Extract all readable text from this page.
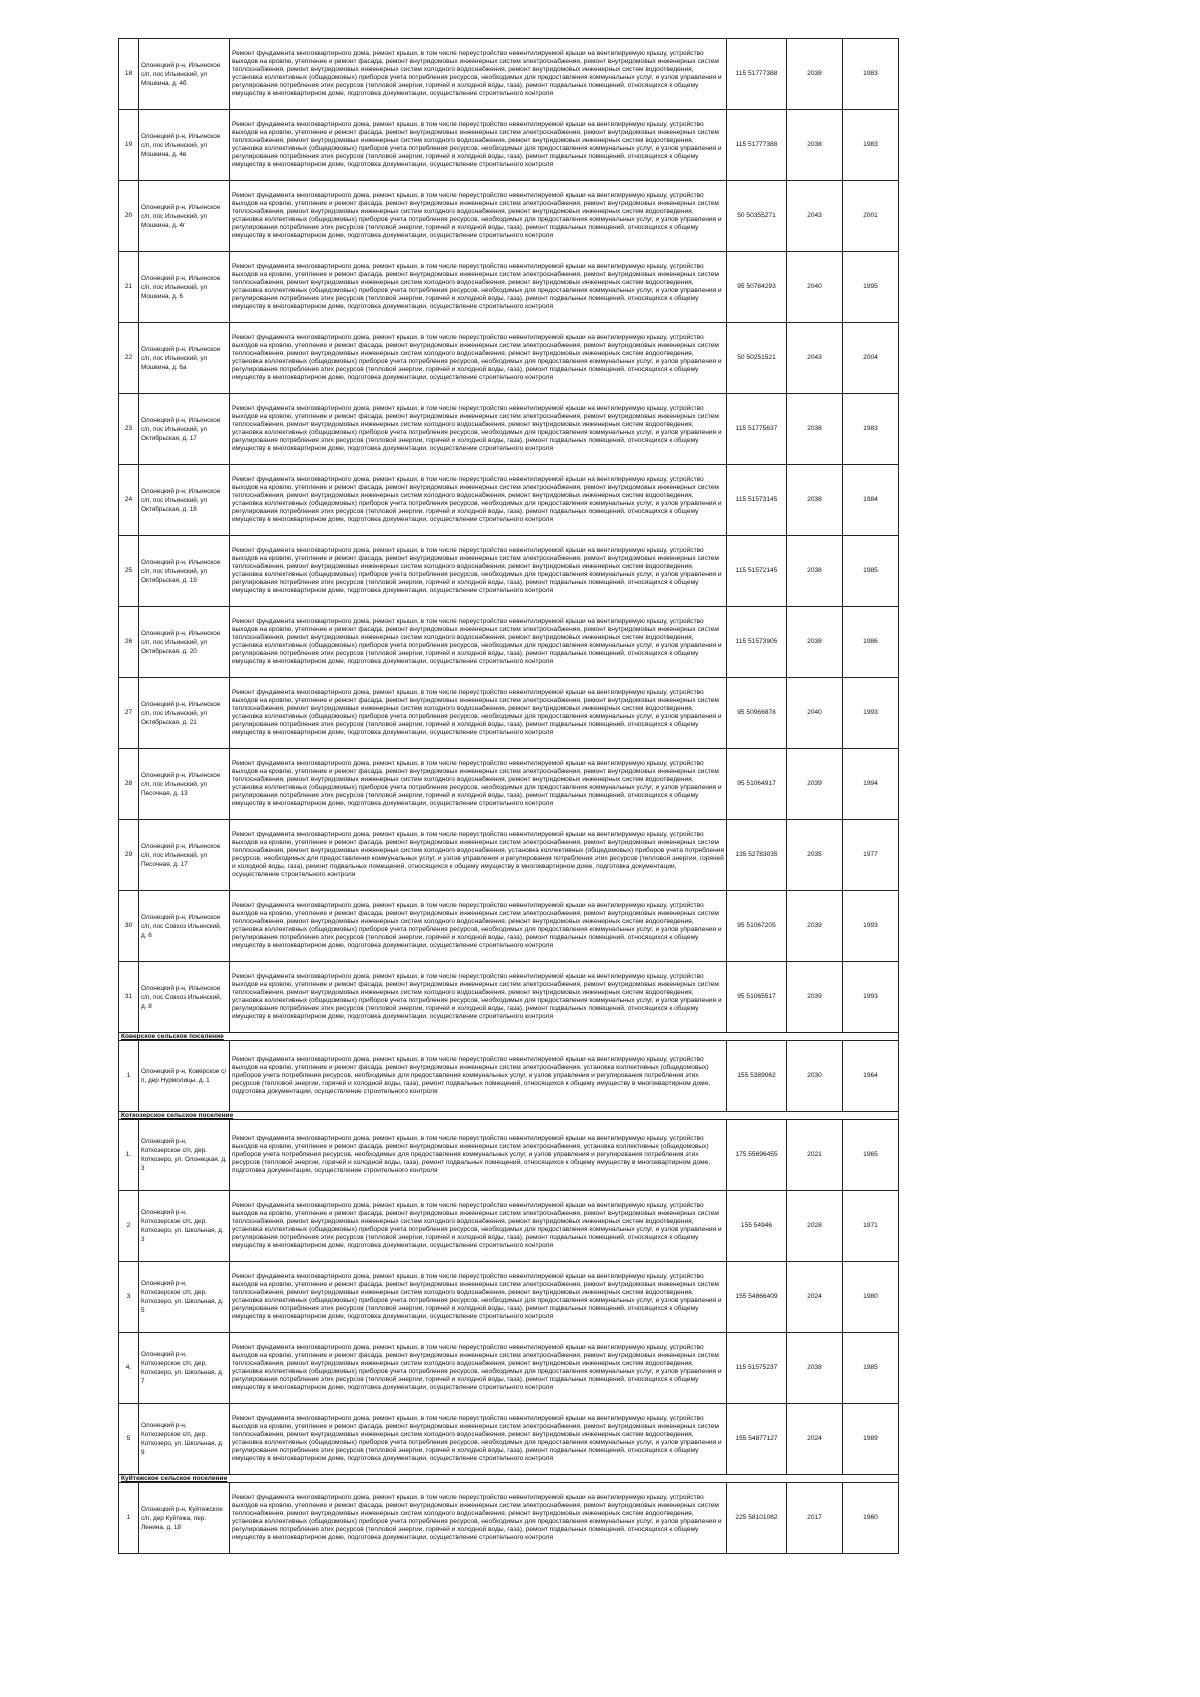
18	Олонецкий р-н, Ильинское с/п, пос Ильинский, ул Мошкина, д. 4б	Ремонт фундамента многоквартирного дома, ремонт крыши, в том числе переустройство невентилируемой крыши на вентилируемую крышу, устройство выходов на кровлю, утепление и ремонт фасада, ремонт внутридомовых инженерных систем электроснабжения, ремонт внутридомовых инженерных систем теплоснабжения, ремонт внутридомовых инженерных систем холодного водоснабжения, ремонт внутридомовых инженерных систем водоотведения, установка коллективных (общедомовых) приборов учета потребления ресурсов, необходимых для предоставления коммунальных услуг, и узлов управления и регулирования потребления этих ресурсов (тепловой энергии, горячей и холодной воды, газа), ремонт подвальных помещений, относящихся к общему имуществу в многоквартирном доме, подготовка документации, осуществление строительного контроля	115 51777388	2038	1983
19	Олонецкий р-н, Ильинское с/п, пос Ильинский, ул Мошкина, д. 4в	Ремонт фундамента многоквартирного дома, ремонт крыши, в том числе переустройство невентилируемой крыши на вентилируемую крышу, устройство выходов на кровлю, утепление и ремонт фасада, ремонт внутридомовых инженерных систем электроснабжения, ремонт внутридомовых инженерных систем теплоснабжения, ремонт внутридомовых инженерных систем холодного водоснабжения, ремонт внутридомовых инженерных систем водоотведения, установка коллективных (общедомовых) приборов учета потребления ресурсов, необходимых для предоставления коммунальных услуг, и узлов управления и регулирования потребления этих ресурсов (тепловой энергии, горячей и холодной воды, газа), ремонт подвальных помещений, относящихся к общему имуществу в многоквартирном доме, подготовка документации, осуществление строительного контроля	115 51777388	2038	1983
20	Олонецкий р-н, Ильинское с/п, пос Ильинский, ул Мошкина, д. 4г	Ремонт фундамента многоквартирного дома, ремонт крыши, в том числе переустройство невентилируемой крыши на вентилируемую крышу, устройство выходов на кровлю, утепление и ремонт фасада, ремонт внутридомовых инженерных систем электроснабжения, ремонт внутридомовых инженерных систем теплоснабжения, ремонт внутридомовых инженерных систем холодного водоснабжения, ремонт внутридомовых инженерных систем водоотведения, установка коллективных (общедомовых) приборов учета потребления ресурсов, необходимых для предоставления коммунальных услуг, и узлов управления и регулирования потребления этих ресурсов (тепловой энергии, горячей и холодной воды, газа), ремонт подвальных помещений, относящихся к общему имуществу в многоквартирном доме, подготовка документации, осуществление строительного контроля	50 50355271	2043	2001
21	Олонецкий р-н, Ильинское с/п, пос Ильинский, ул Мошкина, д. 6	Ремонт фундамента многоквартирного дома, ремонт крыши, в том числе переустройство невентилируемой крыши на вентилируемую крышу, устройство выходов на кровлю, утепление и ремонт фасада, ремонт внутридомовых инженерных систем электроснабжения, ремонт внутридомовых инженерных систем теплоснабжения, ремонт внутридомовых инженерных систем холодного водоснабжения, ремонт внутридомовых инженерных систем водоотведения, установка коллективных (общедомовых) приборов учета потребления ресурсов, необходимых для предоставления коммунальных услуг, и узлов управления и регулирования потребления этих ресурсов (тепловой энергии, горячей и холодной воды, газа), ремонт подвальных помещений, относящихся к общему имуществу в многоквартирном доме, подготовка документации, осуществление строительного контроля	95 50784293	2040	1995
22	Олонецкий р-н, Ильинское с/п, пос Ильинский, ул Мошкина, д. 6а	Ремонт фундамента многоквартирного дома, ремонт крыши, в том числе переустройство невентилируемой крыши на вентилируемую крышу, устройство выходов на кровлю, утепление и ремонт фасада, ремонт внутридомовых инженерных систем электроснабжения, ремонт внутридомовых инженерных систем теплоснабжения, ремонт внутридомовых инженерных систем холодного водоснабжения, ремонт внутридомовых инженерных систем водоотведения, установка коллективных (общедомовых) приборов учета потребления ресурсов, необходимых для предоставления коммунальных услуг, и узлов управления и регулирования потребления этих ресурсов (тепловой энергии, горячей и холодной воды, газа), ремонт подвальных помещений, относящихся к общему имуществу в многоквартирном доме, подготовка документации, осуществление строительного контроля	50 50251521	2043	2004
23	Олонецкий р-н, Ильинское с/п, пос Ильинский, ул Октябрьская, д. 17	Ремонт фундамента многоквартирного дома, ремонт крыши, в том числе переустройство невентилируемой крыши на вентилируемую крышу, устройство выходов на кровлю, утепление и ремонт фасада, ремонт внутридомовых инженерных систем электроснабжения, ремонт внутридомовых инженерных систем теплоснабжения, ремонт внутридомовых инженерных систем холодного водоснабжения, ремонт внутридомовых инженерных систем водоотведения, установка коллективных (общедомовых) приборов учета потребления ресурсов, необходимых для предоставления коммунальных услуг, и узлов управления и регулирования потребления этих ресурсов (тепловой энергии, горячей и холодной воды, газа), ремонт подвальных помещений, относящихся к общему имуществу в многоквартирном доме, подготовка документации, осуществление строительного контроля	115 51775637	2038	1983
24	Олонецкий р-н, Ильинское с/п, пос Ильинский, ул Октябрьская, д. 18	Ремонт фундамента многоквартирного дома, ремонт крыши, в том числе переустройство невентилируемой крыши на вентилируемую крышу, устройство выходов на кровлю, утепление и ремонт фасада, ремонт внутридомовых инженерных систем электроснабжения, ремонт внутридомовых инженерных систем теплоснабжения, ремонт внутридомовых инженерных систем холодного водоснабжения, ремонт внутридомовых инженерных систем водоотведения, установка коллективных (общедомовых) приборов учета потребления ресурсов, необходимых для предоставления коммунальных услуг, и узлов управления и регулирования потребления этих ресурсов (тепловой энергии, горячей и холодной воды, газа), ремонт подвальных помещений, относящихся к общему имуществу в многоквартирном доме, подготовка документации, осуществление строительного контроля	115 51573145	2038	1984
25	Олонецкий р-н, Ильинское с/п, пос Ильинский, ул Октябрьская, д. 19	Ремонт фундамента многоквартирного дома, ремонт крыши, в том числе переустройство невентилируемой крыши на вентилируемую крышу, устройство выходов на кровлю, утепление и ремонт фасада, ремонт внутридомовых инженерных систем электроснабжения, ремонт внутридомовых инженерных систем теплоснабжения, ремонт внутридомовых инженерных систем холодного водоснабжения, ремонт внутридомовых инженерных систем водоотведения, установка коллективных (общедомовых) приборов учета потребления ресурсов, необходимых для предоставления коммунальных услуг, и узлов управления и регулирования потребления этих ресурсов (тепловой энергии, горячей и холодной воды, газа), ремонт подвальных помещений, относящихся к общему имуществу в многоквартирном доме, подготовка документации, осуществление строительного контроля	115 51572145	2038	1985
26	Олонецкий р-н, Ильинское с/п, пос Ильинский, ул Октябрьская, д. 20	Ремонт фундамента многоквартирного дома, ремонт крыши, в том числе переустройство невентилируемой крыши на вентилируемую крышу, устройство выходов на кровлю, утепление и ремонт фасада, ремонт внутридомовых инженерных систем электроснабжения, ремонт внутридомовых инженерных систем теплоснабжения, ремонт внутридомовых инженерных систем холодного водоснабжения, ремонт внутридомовых инженерных систем водоотведения, установка коллективных (общедомовых) приборов учета потребления ресурсов, необходимых для предоставления коммунальных услуг, и узлов управления и регулирования потребления этих ресурсов (тепловой энергии, горячей и холодной воды, газа), ремонт подвальных помещений, относящихся к общему имуществу в многоквартирном доме, подготовка документации, осуществление строительного контроля	115 51573905	2038	1986
27	Олонецкий р-н, Ильинское с/п, пос Ильинский, ул Октябрьская, д. 21	Ремонт фундамента многоквартирного дома, ремонт крыши, в том числе переустройство невентилируемой крыши на вентилируемую крышу, устройство выходов на кровлю, утепление и ремонт фасада, ремонт внутридомовых инженерных систем электроснабжения, ремонт внутридомовых инженерных систем теплоснабжения, ремонт внутридомовых инженерных систем холодного водоснабжения, ремонт внутридомовых инженерных систем водоотведения, установка коллективных (общедомовых) приборов учета потребления ресурсов, необходимых для предоставления коммунальных услуг, и узлов управления и регулирования потребления этих ресурсов (тепловой энергии, горячей и холодной воды, газа), ремонт подвальных помещений, относящихся к общему имуществу в многоквартирном доме, подготовка документации, осуществление строительного контроля	95 50966878	2040	1993
28	Олонецкий р-н, Ильинское с/п, пос Ильинский, ул Песочная, д. 13	Ремонт фундамента многоквартирного дома, ремонт крыши, в том числе переустройство невентилируемой крыши на вентилируемую крышу, устройство выходов на кровлю, утепление и ремонт фасада, ремонт внутридомовых инженерных систем электроснабжения, ремонт внутридомовых инженерных систем теплоснабжения, ремонт внутридомовых инженерных систем холодного водоснабжения, ремонт внутридомовых инженерных систем водоотведения, установка коллективных (общедомовых) приборов учета потребления ресурсов, необходимых для предоставления коммунальных услуг, и узлов управления и регулирования потребления этих ресурсов (тепловой энергии, горячей и холодной воды, газа), ремонт подвальных помещений, относящихся к общему имуществу в многоквартирном доме, подготовка документации, осуществление строительного контроля	95 51064917	2039	1994
29	Олонецкий р-н, Ильинское с/п, пос Ильинский, ул Песочная, д. 17	Ремонт фундамента многоквартирного дома, ремонт крыши, в том числе переустройство невентилируемой крыши на вентилируемую крышу, устройство выходов на кровлю, утепление и ремонт фасада, ремонт внутридомовых инженерных систем электроснабжения, ремонт внутридомовых инженерных систем теплоснабжения, ремонт внутридомовых инженерных систем холодного водоснабжения, установка коллективных (общедомовых) приборов учета потребления ресурсов, необходимых для предоставления коммунальных услуг, и узлов управления и регулирования потребления этих ресурсов (тепловой энергии, горячей и холодной воды, газа), ремонт подвальных помещений, относящихся к общему имуществу в многоквартирном доме, подготовка документации, осуществление строительного контроля	135 52783035	2035	1977
30	Олонецкий р-н, Ильинское с/п, пос Совхоз Ильинский, д. 6	Ремонт фундамента многоквартирного дома, ремонт крыши, в том числе переустройство невентилируемой крыши на вентилируемую крышу, устройство выходов на кровлю, утепление и ремонт фасада, ремонт внутридомовых инженерных систем электроснабжения, ремонт внутридомовых инженерных систем теплоснабжения, ремонт внутридомовых инженерных систем холодного водоснабжения, ремонт внутридомовых инженерных систем водоотведения, установка коллективных (общедомовых) приборов учета потребления ресурсов, необходимых для предоставления коммунальных услуг, и узлов управления и регулирования потребления этих ресурсов (тепловой энергии, горячей и холодной воды, газа), ремонт подвальных помещений, относящихся к общему имуществу в многоквартирном доме, подготовка документации, осуществление строительного контроля	95 51067205	2039	1993
31	Олонецкий р-н, Ильинское с/п, пос Совхоз Ильинский, д. 8	Ремонт фундамента многоквартирного дома, ремонт крыши, в том числе переустройство невентилируемой крыши на вентилируемую крышу, устройство выходов на кровлю, утепление и ремонт фасада, ремонт внутридомовых инженерных систем электроснабжения, ремонт внутридомовых инженерных систем теплоснабжения, ремонт внутридомовых инженерных систем холодного водоснабжения, ремонт внутридомовых инженерных систем водоотведения, установка коллективных (общедомовых) приборов учета потребления ресурсов, необходимых для предоставления коммунальных услуг, и узлов управления и регулирования потребления этих ресурсов (тепловой энергии, горячей и холодной воды, газа), ремонт подвальных помещений, относящихся к общему имуществу в многоквартирном доме, подготовка документации, осуществление строительного контроля	95 51065517	2039	1993
Коверское сельское поселение					
1	Олонецкий р-н, Коверское с/п, дер Нурмолицы, д. 1	Ремонт фундамента многоквартирного дома, ремонт крыши, в том числе переустройство невентилируемой крыши на вентилируемую крышу, устройство выходов на кровлю, утепление и ремонт фасада, ремонт внутридомовых инженерных систем электроснабжения, установка коллективных (общедомовых) приборов учета потребления ресурсов, необходимых для предоставления коммунальных услуг, и узлов управления и регулирования потребления этих ресурсов (тепловой энергии, горячей и холодной воды, газа), ремонт подвальных помещений, относящихся к общему имуществу в многоквартирном доме, подготовка документации, осуществление строительного контроля	155 5389062	2030	1964
Коткозерское сельское поселение					
1.	Олонецкий р-н, Коткозерское с/п, дер. Коткозеро, ул. Олонецкая, д. 3	Ремонт фундамента многоквартирного дома, ремонт крыши, в том числе переустройство невентилируемой крыши на вентилируемую крышу, устройство выходов на кровлю, утепление и ремонт фасада, ремонт внутридомовых инженерных систем электроснабжения, установка коллективных (общедомовых) приборов учета потребления ресурсов, необходимых для предоставления коммунальных услуг, и узлов управления и регулирования потребления этих ресурсов (тепловой энергии, горячей и холодной воды, газа), ремонт подвальных помещений, относящихся к общему имуществу в многоквартирном доме, подготовка документации, осуществление строительного контроля	175 55696455	2021	1965
2	Олонецкий р-н, Коткозерское с/п, дер. Коткозеро, ул. Школьная, д. 3	Ремонт фундамента многоквартирного дома, ремонт крыши, в том числе переустройство невентилируемой крыши на вентилируемую крышу, устройство выходов на кровлю, утепление и ремонт фасада, ремонт внутридомовых инженерных систем электроснабжения, ремонт внутридомовых инженерных систем теплоснабжения, ремонт внутридомовых инженерных систем холодного водоснабжения, ремонт внутридомовых инженерных систем водоотведения, установка коллективных (общедомовых) приборов учета потребления ресурсов, необходимых для предоставления коммунальных услуг, и узлов управления и регулирования потребления этих ресурсов (тепловой энергии, горячей и холодной воды, газа), ремонт подвальных помещений, относящихся к общему имуществу в многоквартирном доме, подготовка документации, осуществление строительного контроля	155 54946	2028	1971
3	Олонецкий р-н, Коткозерское с/п, дер. Коткозеро, ул. Школьная, д. 5	Ремонт фундамента многоквартирного дома, ремонт крыши, в том числе переустройство невентилируемой крыши на вентилируемую крышу, устройство выходов на кровлю, утепление и ремонт фасада, ремонт внутридомовых инженерных систем электроснабжения, ремонт внутридомовых инженерных систем теплоснабжения, ремонт внутридомовых инженерных систем холодного водоснабжения, ремонт внутридомовых инженерных систем водоотведения, установка коллективных (общедомовых) приборов учета потребления ресурсов, необходимых для предоставления коммунальных услуг, и узлов управления и регулирования потребления этих ресурсов (тепловой энергии, горячей и холодной воды, газа), ремонт подвальных помещений, относящихся к общему имуществу в многоквартирном доме, подготовка документации, осуществление строительного контроля	155 54866409	2024	1980
4.	Олонецкий р-н, Коткозерское с/п, дер. Коткозеро, ул. Школьная, д. 7	Ремонт фундамента многоквартирного дома, ремонт крыши, в том числе переустройство невентилируемой крыши на вентилируемую крышу, устройство выходов на кровлю, утепление и ремонт фасада, ремонт внутридомовых инженерных систем электроснабжения, ремонт внутридомовых инженерных систем теплоснабжения, ремонт внутридомовых инженерных систем холодного водоснабжения, ремонт внутридомовых инженерных систем водоотведения, установка коллективных (общедомовых) приборов учета потребления ресурсов, необходимых для предоставления коммунальных услуг, и узлов управления и регулирования потребления этих ресурсов (тепловой энергии, горячей и холодной воды, газа), ремонт подвальных помещений, относящихся к общему имуществу в многоквартирном доме, подготовка документации, осуществление строительного контроля	115 51575237	2038	1985
5	Олонецкий р-н, Коткозерское с/п, дер. Коткозеро, ул. Школьная, д. 9	Ремонт фундамента многоквартирного дома, ремонт крыши, в том числе переустройство невентилируемой крыши на вентилируемую крышу, устройство выходов на кровлю, утепление и ремонт фасада, ремонт внутридомовых инженерных систем электроснабжения, ремонт внутридомовых инженерных систем теплоснабжения, ремонт внутридомовых инженерных систем холодного водоснабжения, ремонт внутридомовых инженерных систем водоотведения, установка коллективных (общедомовых) приборов учета потребления ресурсов, необходимых для предоставления коммунальных услуг, и узлов управления и регулирования потребления этих ресурсов (тепловой энергии, горячей и холодной воды, газа), ремонт подвальных помещений, относящихся к общему имуществу в многоквартирном доме, подготовка документации, осуществление строительного контроля	155 54877127	2024	1989
Куйтежское сельское поселение					
1	Олонецкий р-н, Куйтежское с/п, дер Куйтежа, пер. Ленина, д. 18	Ремонт фундамента многоквартирного дома, ремонт крыши, в том числе переустройство невентилируемой крыши на вентилируемую крышу, устройство выходов на кровлю, утепление и ремонт фасада, ремонт внутридомовых инженерных систем электроснабжения, ремонт внутридомовых инженерных систем теплоснабжения, ремонт внутридомовых инженерных систем холодного водоснабжения, ремонт внутридомовых инженерных систем водоотведения, установка коллективных (общедомовых) приборов учета потребления ресурсов, необходимых для предоставления коммунальных услуг, и узлов управления и регулирования потребления этих ресурсов (тепловой энергии, горячей и холодной воды, газа), ремонт подвальных помещений, относящихся к общему имуществу в многоквартирном доме, подготовка документации, осуществление строительного контроля	225 58101062	2017	1960
